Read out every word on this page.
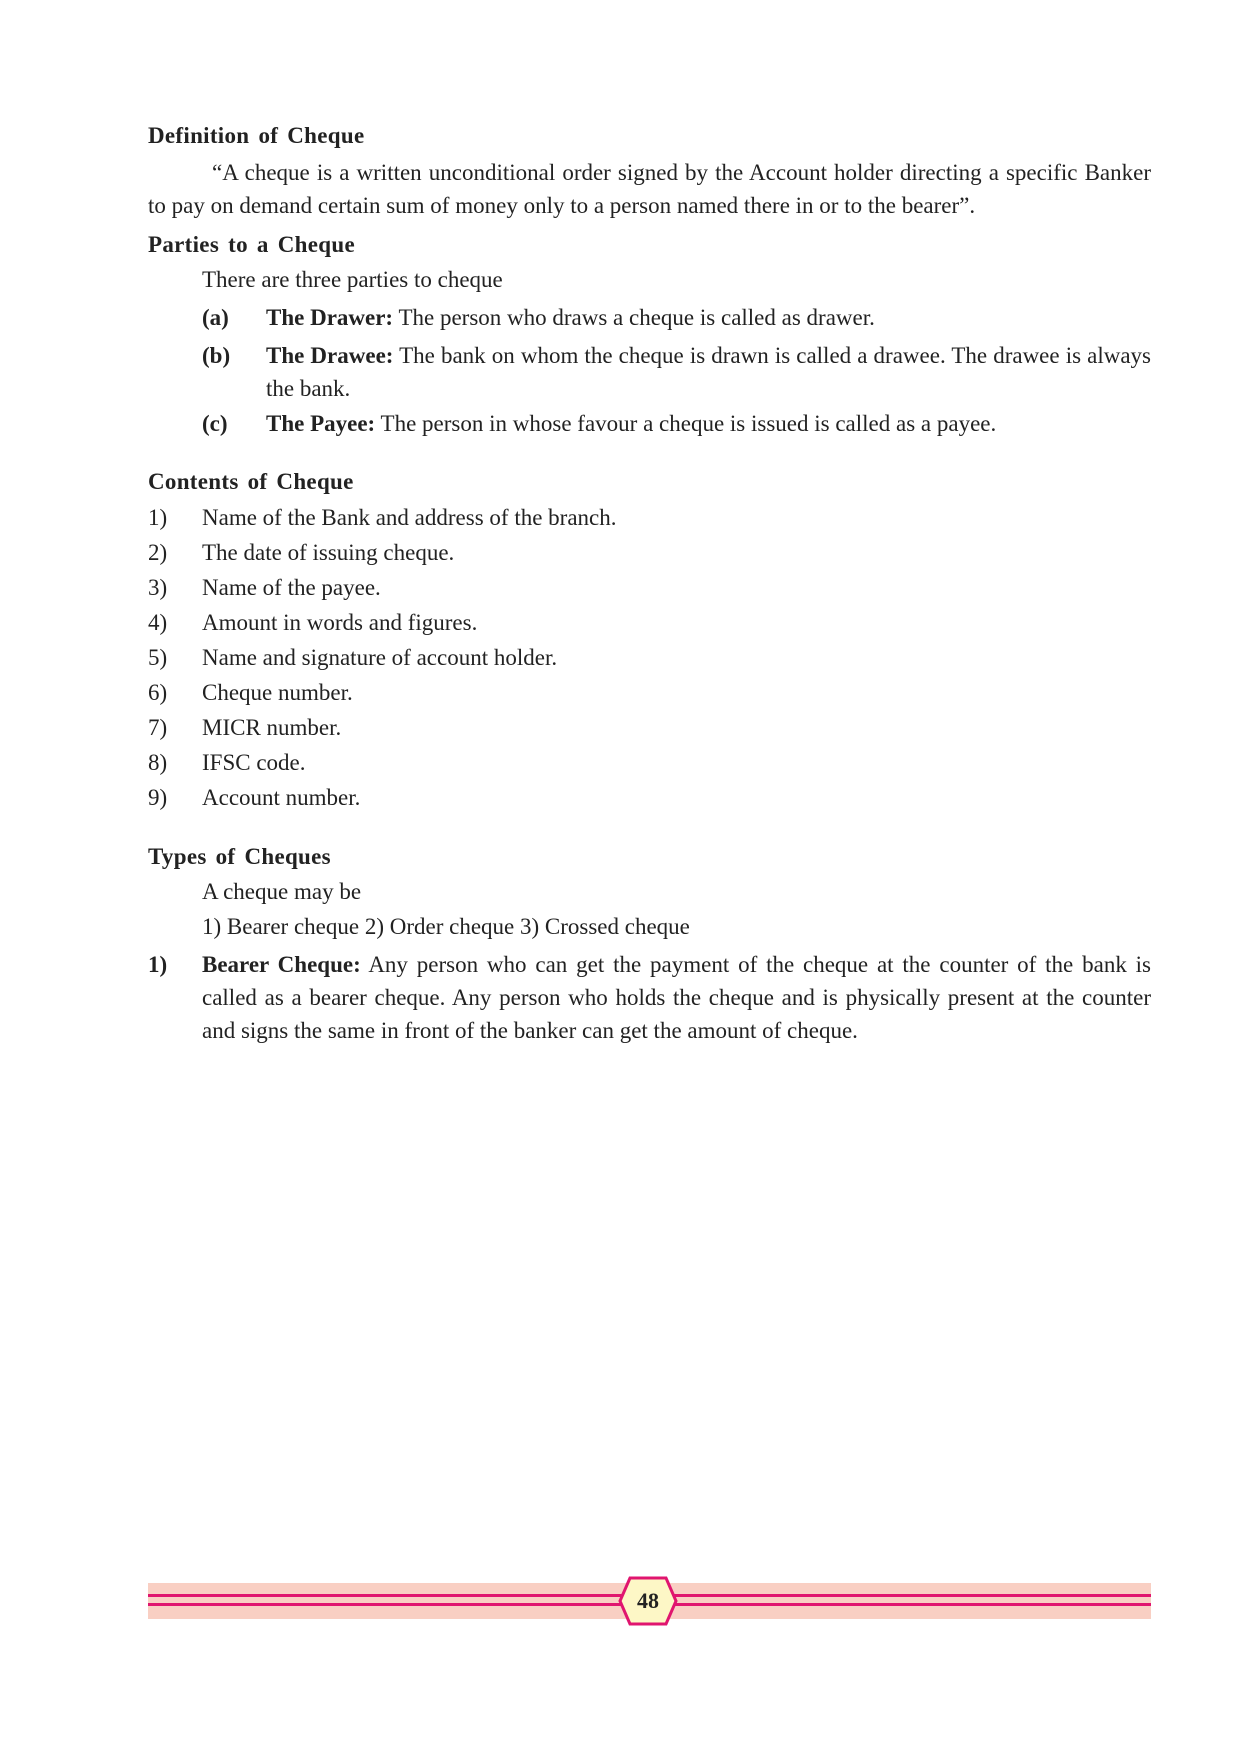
Definition of Cheque
“A cheque is a written unconditional order signed by the Account holder directing a specific Banker to pay on demand certain sum of money only to a person named there in or to the bearer”.
Parties to a Cheque
There are three parties to cheque
(a) The Drawer: The person who draws a cheque is called as drawer.
(b) The Drawee: The bank on whom the cheque is drawn is called a drawee. The drawee is always the bank.
(c) The Payee: The person in whose favour a cheque is issued is called as a payee.
Contents of Cheque
1) Name of the Bank and address of the branch.
2) The date of issuing cheque.
3) Name of the payee.
4) Amount in words and figures.
5) Name and signature of account holder.
6) Cheque number.
7) MICR number.
8) IFSC code.
9) Account number.
Types of Cheques
A cheque may be
1) Bearer cheque 2) Order cheque 3) Crossed cheque
1) Bearer Cheque: Any person who can get the payment of the cheque at the counter of the bank is called as a bearer cheque. Any person who holds the cheque and is physically present at the counter and signs the same in front of the banker can get the amount of cheque.
48
